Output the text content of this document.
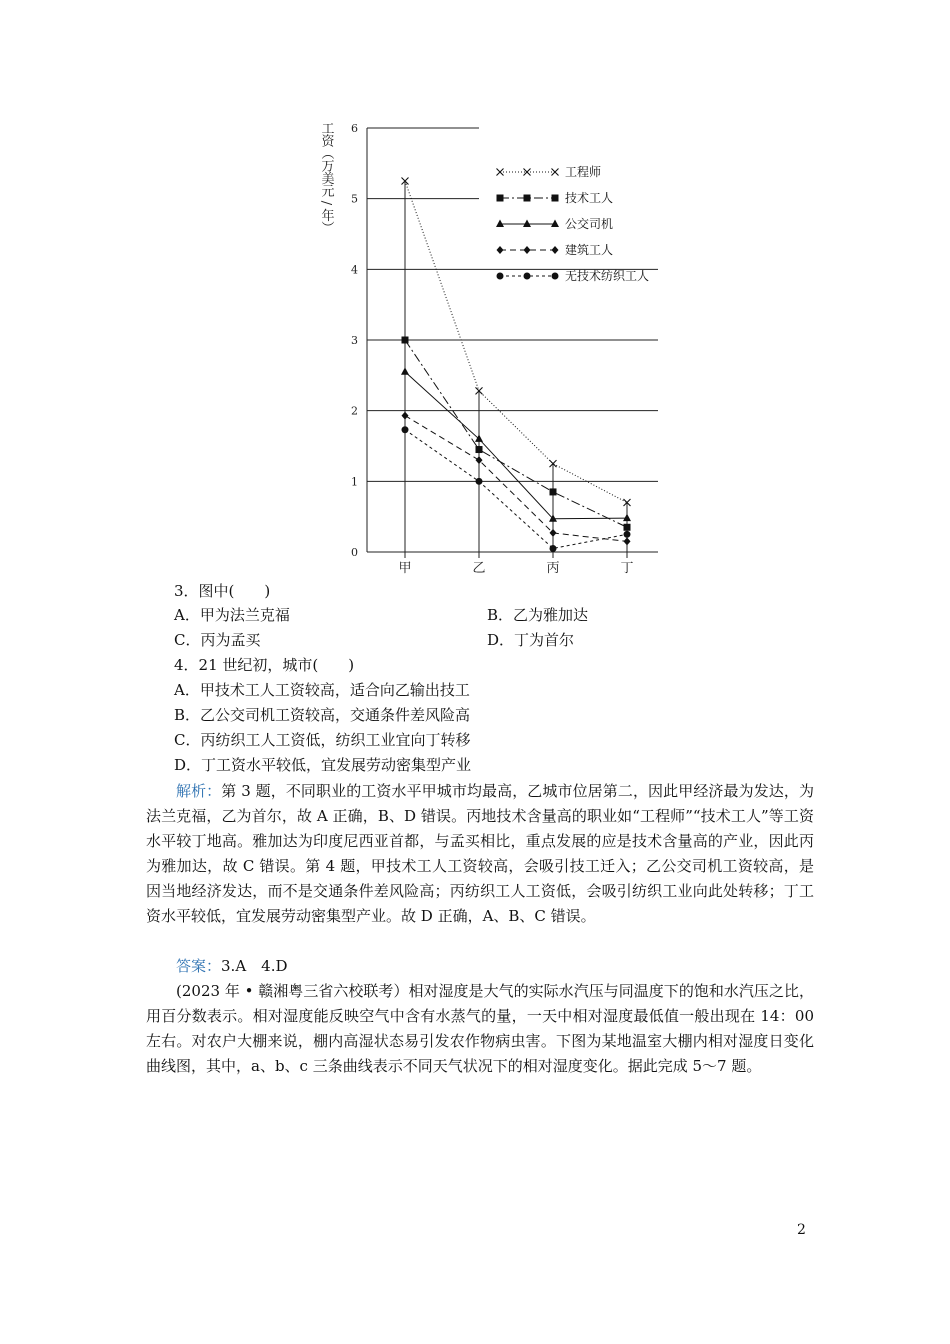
0
1
2
3
4
5
6
工资（万美元/年）
甲	乙	丙	丁
工程师
技术工人
公交司机
建筑工人
无技术纺织工人
3．图中(　　)
A．甲为法兰克福	B．乙为雅加达
C．丙为孟买	D．丁为首尔
4．21 世纪初，城市(　　)
A．甲技术工人工资较高，适合向乙输出技工
B．乙公交司机工资较高，交通条件差风险高
C．丙纺织工人工资低，纺织工业宜向丁转移
D．丁工资水平较低，宜发展劳动密集型产业
解析：第 3 题，不同职业的工资水平甲城市均最高，乙城市位居第二，因此甲经济最为发达，为法兰克福，乙为首尔，故 A 正确，B、D 错误。丙地技术含量高的职业如“工程师”“技术工人”等工资水平较丁地高。雅加达为印度尼西亚首都，与孟买相比，重点发展的应是技术含量高的产业，因此丙为雅加达，故 C 错误。第 4 题，甲技术工人工资较高，会吸引技工迁入；乙公交司机工资较高，是因当地经济发达，而不是交通条件差风险高；丙纺织工人工资低，会吸引纺织工业向此处转移；丁工资水平较低，宜发展劳动密集型产业。故 D 正确，A、B、C 错误。
答案：3.A　4.D
(2023 年 • 赣湘粤三省六校联考）相对湿度是大气的实际水汽压与同温度下的饱和水汽压之比，用百分数表示。相对湿度能反映空气中含有水蒸气的量，一天中相对湿度最低值一般出现在 14：00 左右。对农户大棚来说，棚内高湿状态易引发农作物病虫害。下图为某地温室大棚内相对湿度日变化曲线图，其中，a、b、c 三条曲线表示不同天气状况下的相对湿度变化。据此完成 5～7 题。
2
